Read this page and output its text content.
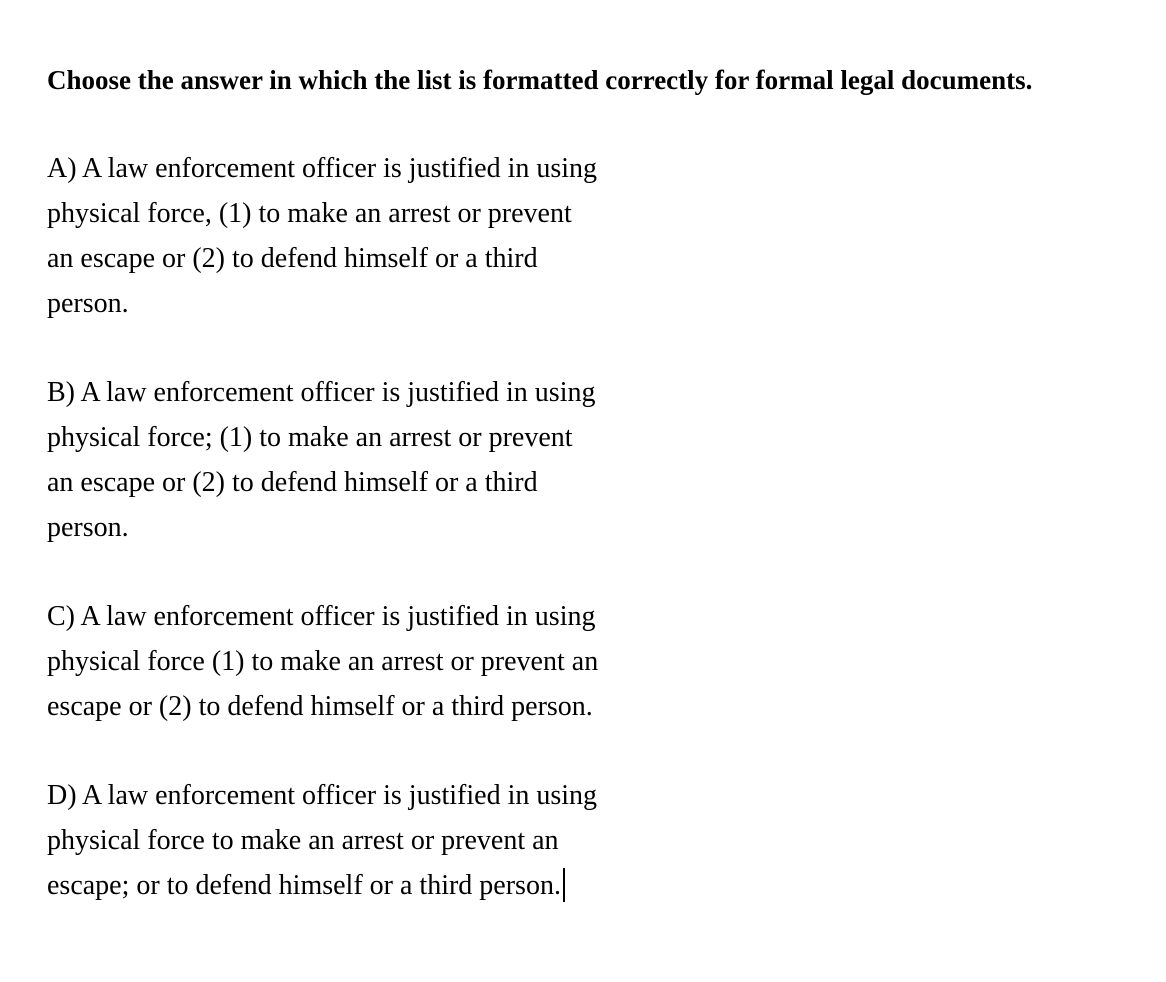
Choose the answer in which the list is formatted correctly for formal legal documents.

A) A law enforcement officer is justified in using
physical force, (1) to make an arrest or prevent
an escape or (2) to defend himself or a third
person.

B) A law enforcement officer is justified in using
physical force; (1) to make an arrest or prevent
an escape or (2) to defend himself or a third
person.

C) A law enforcement officer is justified in using
physical force (1) to make an arrest or prevent an
escape or (2) to defend himself or a third person.

D) A law enforcement officer is justified in using
physical force to make an arrest or prevent an
escape; or to defend himself or a third person.
